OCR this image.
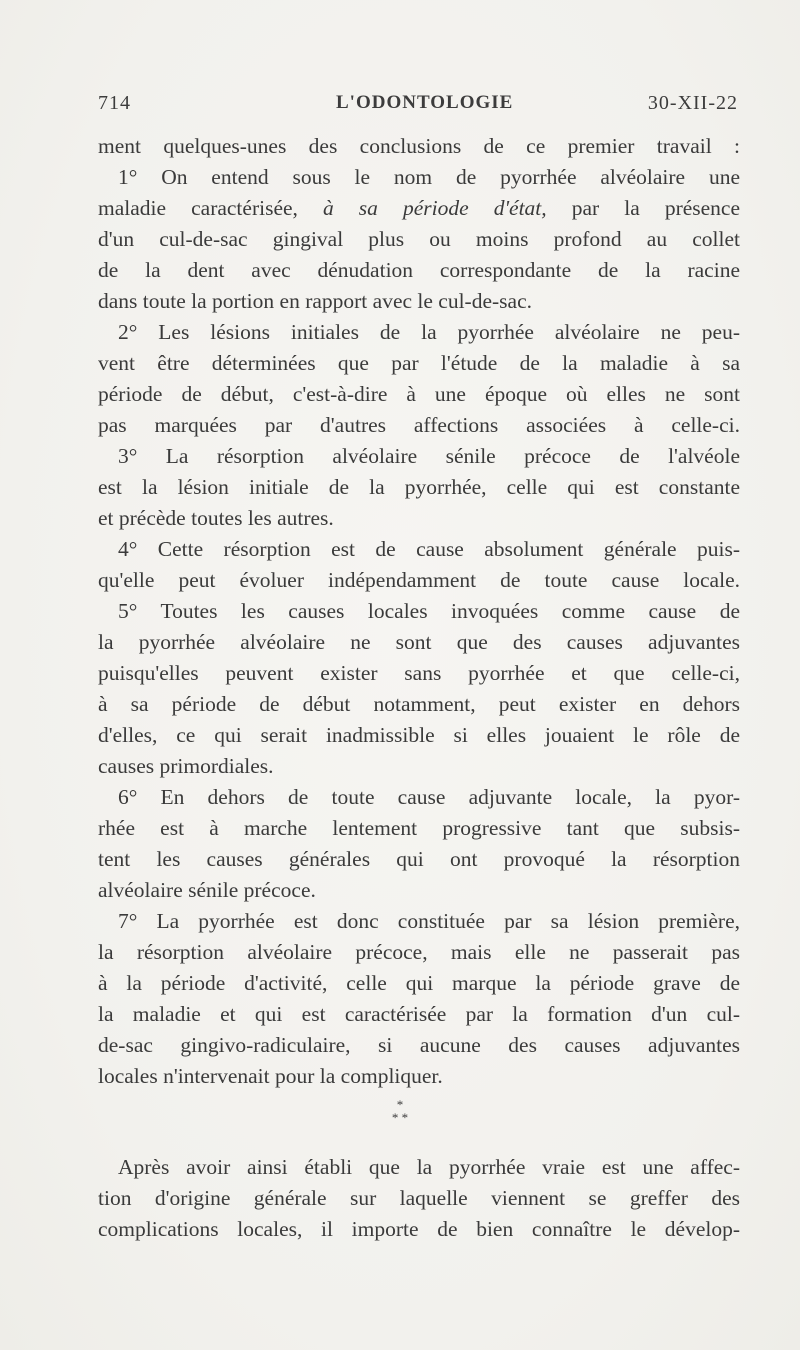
714	L'ODONTOLOGIE	30-XII-22
ment quelques-unes des conclusions de ce premier travail :
1° On entend sous le nom de pyorrhée alvéolaire une
maladie caractérisée, à sa période d'état, par la présence
d'un cul-de-sac gingival plus ou moins profond au collet
de la dent avec dénudation correspondante de la racine
dans toute la portion en rapport avec le cul-de-sac.
2° Les lésions initiales de la pyorrhée alvéolaire ne peu-
vent être déterminées que par l'étude de la maladie à sa
période de début, c'est-à-dire à une époque où elles ne sont
pas marquées par d'autres affections associées à celle-ci.
3° La résorption alvéolaire sénile précoce de l'alvéole
est la lésion initiale de la pyorrhée, celle qui est constante
et précède toutes les autres.
4° Cette résorption est de cause absolument générale puis-
qu'elle peut évoluer indépendamment de toute cause locale.
5° Toutes les causes locales invoquées comme cause de
la pyorrhée alvéolaire ne sont que des causes adjuvantes
puisqu'elles peuvent exister sans pyorrhée et que celle-ci,
à sa période de début notamment, peut exister en dehors
d'elles, ce qui serait inadmissible si elles jouaient le rôle de
causes primordiales.
6° En dehors de toute cause adjuvante locale, la pyor-
rhée est à marche lentement progressive tant que subsis-
tent les causes générales qui ont provoqué la résorption
alvéolaire sénile précoce.
7° La pyorrhée est donc constituée par sa lésion première,
la résorption alvéolaire précoce, mais elle ne passerait pas
à la période d'activité, celle qui marque la période grave de
la maladie et qui est caractérisée par la formation d'un cul-
de-sac gingivo-radiculaire, si aucune des causes adjuvantes
locales n'intervenait pour la compliquer.
*
* *
Après avoir ainsi établi que la pyorrhée vraie est une affec-
tion d'origine générale sur laquelle viennent se greffer des
complications locales, il importe de bien connaître le dévelop-
